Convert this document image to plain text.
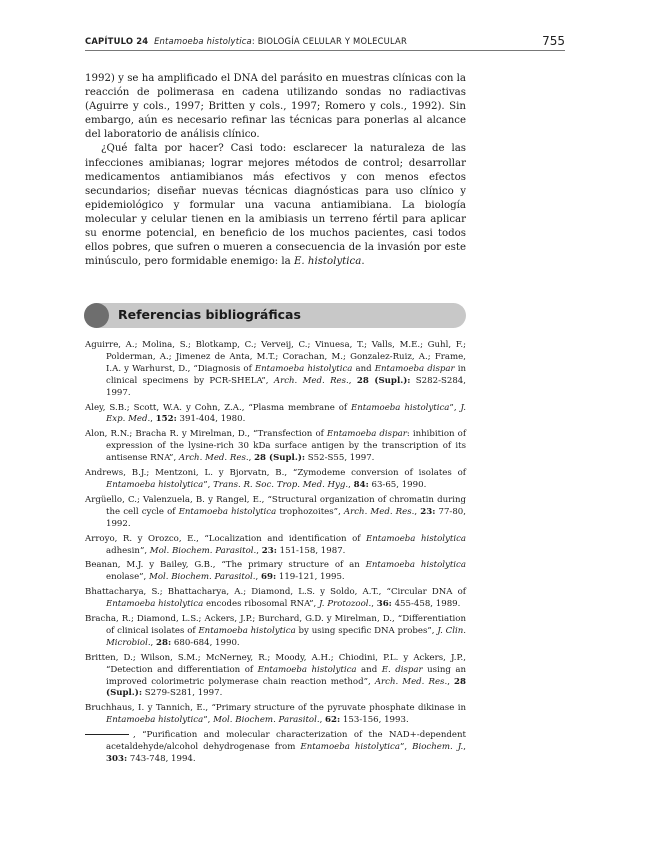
CAPÍTULO 24 Entamoeba histolytica: BIOLOGÍA CELULAR Y MOLECULAR	755

1992) y se ha amplificado el DNA del parásito en muestras clínicas con la reacción de polimerasa en cadena utilizando sondas no radiactivas (Aguirre y cols., 1997; Britten y cols., 1997; Romero y cols., 1992). Sin embargo, aún es necesario refinar las técnicas para ponerlas al alcance del laboratorio de análisis clínico.

¿Qué falta por hacer? Casi todo: esclarecer la naturaleza de las infecciones amibianas; lograr mejores métodos de control; desarrollar medicamentos antiamibianos más efectivos y con menos efectos secundarios; diseñar nuevas técnicas diagnósticas para uso clínico y epidemiológico y formular una vacuna antiamibiana. La biología molecular y celular tienen en la amibiasis un terreno fértil para aplicar su enorme potencial, en beneficio de los muchos pacientes, casi todos ellos pobres, que sufren o mueren a consecuencia de la invasión por este minúsculo, pero formidable enemigo: la E. histolytica.

Referencias bibliográficas

Aguirre, A.; Molina, S.; Blotkamp, C.; Verveij, C.; Vinuesa, T.; Valls, M.E.; Guhl, F.; Polderman, A.; Jimenez de Anta, M.T.; Corachan, M.; Gonzalez-Ruiz, A.; Frame, I.A. y Warhurst, D., “Diagnosis of Entamoeba histolytica and Entamoeba dispar in clinical specimens by PCR-SHELA”, Arch. Med. Res., 28 (Supl.): S282-S284, 1997.

Aley, S.B.; Scott, W.A. y Cohn, Z.A., “Plasma membrane of Entamoeba histolytica”, J. Exp. Med., 152: 391-404, 1980.

Alon, R.N.; Bracha R. y Mirelman, D., “Transfection of Entamoeba dispar: inhibition of expression of the lysine-rich 30 kDa surface antigen by the transcription of its antisense RNA”, Arch. Med. Res., 28 (Supl.): S52-S55, 1997.

Andrews, B.J.; Mentzoni, L. y Bjorvatn, B., “Zymodeme conversion of isolates of Entamoeba histolytica”, Trans. R. Soc. Trop. Med. Hyg., 84: 63-65, 1990.

Argüello, C.; Valenzuela, B. y Rangel, E., “Structural organization of chromatin during the cell cycle of Entamoeba histolytica trophozoites”, Arch. Med. Res., 23: 77-80, 1992.

Arroyo, R. y Orozco, E., “Localization and identification of Entamoeba histolytica adhesin”, Mol. Biochem. Parasitol., 23: 151-158, 1987.

Beanan, M.J. y Bailey, G.B., “The primary structure of an Entamoeba histolytica enolase”, Mol. Biochem. Parasitol., 69: 119-121, 1995.

Bhattacharya, S.; Bhattacharya, A.; Diamond, L.S. y Soldo, A.T., “Circular DNA of Entamoeba histolytica encodes ribosomal RNA”, J. Protozool., 36: 455-458, 1989.

Bracha, R.; Diamond, L.S.; Ackers, J.P.; Burchard, G.D. y Mirelman, D., “Differentiation of clinical isolates of Entamoeba histolytica by using specific DNA probes”, J. Clin. Microbiol., 28: 680-684, 1990.

Britten, D.; Wilson, S.M.; McNerney, R.; Moody, A.H.; Chiodini, P.L. y Ackers, J.P., “Detection and differentiation of Entamoeba histolytica and E. dispar using an improved colorimetric polymerase chain reaction method”, Arch. Med. Res., 28 (Supl.): S279-S281, 1997.

Bruchhaus, I. y Tannich, E., “Primary structure of the pyruvate phosphate dikinase in Entamoeba histolytica”, Mol. Biochem. Parasitol., 62: 153-156, 1993.

, “Purification and molecular characterization of the NAD+-dependent acetaldehyde/alcohol dehydrogenase from Entamoeba histolytica”, Biochem. J., 303: 743-748, 1994.
